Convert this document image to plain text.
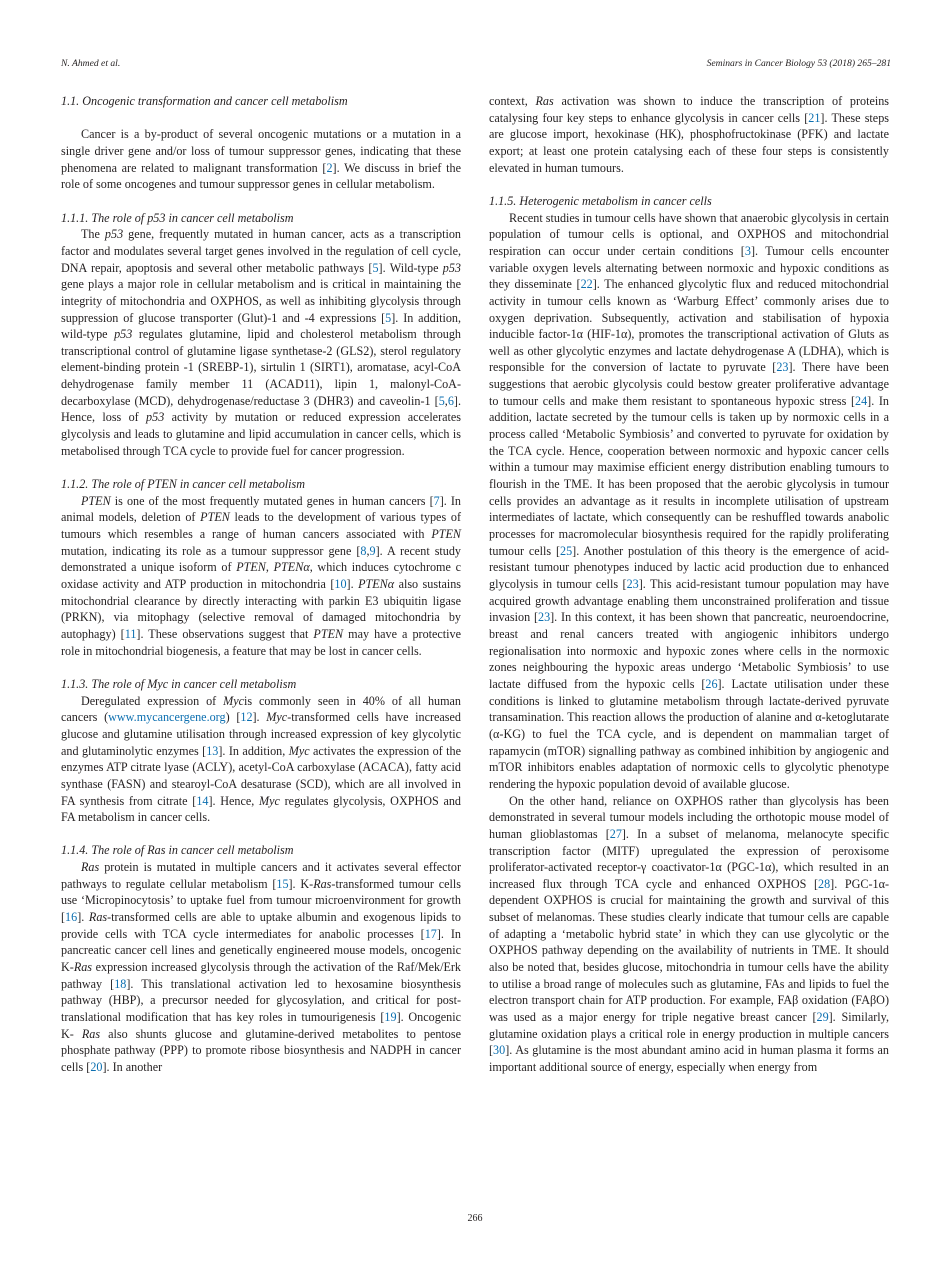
N. Ahmed et al.	Seminars in Cancer Biology 53 (2018) 265–281
1.1. Oncogenic transformation and cancer cell metabolism

Cancer is a by-product of several oncogenic mutations or a mutation in a single driver gene and/or loss of tumour suppressor genes, indicating that these phenomena are related to malignant transformation [2]. We discuss in brief the role of some oncogenes and tumour suppressor genes in cellular metabolism.

1.1.1. The role of p53 in cancer cell metabolism

The p53 gene, frequently mutated in human cancer, acts as a transcription factor and modulates several target genes involved in the regulation of cell cycle, DNA repair, apoptosis and several other metabolic pathways [5]. Wild-type p53 gene plays a major role in cellular metabolism and is critical in maintaining the integrity of mitochondria and OXPHOS, as well as inhibiting glycolysis through suppression of glucose transporter (Glut)-1 and -4 expressions [5]. In addition, wild-type p53 regulates glutamine, lipid and cholesterol metabolism through transcriptional control of glutamine ligase synthetase-2 (GLS2), sterol regulatory element-binding protein -1 (SREBP-1), sirtulin 1 (SIRT1), aromatase, acyl-CoA dehydrogenase family member 11 (ACAD11), lipin 1, malonyl-CoA- decarboxylase (MCD), dehydrogenase/reductase 3 (DHR3) and caveolin-1 [5,6]. Hence, loss of p53 activity by mutation or reduced expression accelerates glycolysis and leads to glutamine and lipid accumulation in cancer cells, which is metabolised through TCA cycle to provide fuel for cancer progression.

1.1.2. The role of PTEN in cancer cell metabolism

PTEN is one of the most frequently mutated genes in human cancers [7]. In animal models, deletion of PTEN leads to the development of various types of tumours which resembles a range of human cancers associated with PTEN mutation, indicating its role as a tumour suppressor gene [8,9]. A recent study demonstrated a unique isoform of PTEN, PTENα, which induces cytochrome c oxidase activity and ATP production in mitochondria [10]. PTENα also sustains mitochondrial clearance by directly interacting with parkin E3 ubiquitin ligase (PRKN), via mitophagy (selective removal of damaged mitochondria by autophagy) [11]. These observations suggest that PTEN may have a protective role in mitochondrial biogenesis, a feature that may be lost in cancer cells.

1.1.3. The role of Myc in cancer cell metabolism

Deregulated expression of Mycis commonly seen in 40% of all human cancers (www.mycancergene.org) [12]. Myc-transformed cells have increased glucose and glutamine utilisation through increased expression of key glycolytic and glutaminolytic enzymes [13]. In addition, Myc activates the expression of the enzymes ATP citrate lyase (ACLY), acetyl-CoA carboxylase (ACACA), fatty acid synthase (FASN) and stearoyl-CoA desaturase (SCD), which are all involved in FA synthesis from citrate [14]. Hence, Myc regulates glycolysis, OXPHOS and FA metabolism in cancer cells.

1.1.4. The role of Ras in cancer cell metabolism

Ras protein is mutated in multiple cancers and it activates several effector pathways to regulate cellular metabolism [15]. K-Ras-transformed tumour cells use ‘Micropinocytosis’ to uptake fuel from tumour microenvironment for growth [16]. Ras-transformed cells are able to uptake albumin and exogenous lipids to provide cells with TCA cycle intermediates for anabolic processes [17]. In pancreatic cancer cell lines and genetically engineered mouse models, oncogenic K-Ras expression increased glycolysis through the activation of the Raf/Mek/Erk pathway [18]. This translational activation led to hexosamine biosynthesis pathway (HBP), a precursor needed for glycosylation, and critical for post-translational modification that has key roles in tumourigenesis [19]. Oncogenic K- Ras also shunts glucose and glutamine-derived metabolites to pentose phosphate pathway (PPP) to promote ribose biosynthesis and NADPH in cancer cells [20]. In another

context, Ras activation was shown to induce the transcription of proteins catalysing four key steps to enhance glycolysis in cancer cells [21]. These steps are glucose import, hexokinase (HK), phosphofructokinase (PFK) and lactate export; at least one protein catalysing each of these four steps is consistently elevated in human tumours.

1.1.5. Heterogenic metabolism in cancer cells

Recent studies in tumour cells have shown that anaerobic glycolysis in certain population of tumour cells is optional, and OXPHOS and mitochondrial respiration can occur under certain conditions [3]. Tumour cells encounter variable oxygen levels alternating between normoxic and hypoxic conditions as they disseminate [22]. The enhanced glycolytic flux and reduced mitochondrial activity in tumour cells known as ‘Warburg Effect’ commonly arises due to oxygen deprivation. Subsequently, activation and stabilisation of hypoxia inducible factor-1α (HIF-1α), promotes the transcriptional activation of Gluts as well as other glycolytic enzymes and lactate dehydrogenase A (LDHA), which is responsible for the conversion of lactate to pyruvate [23]. There have been suggestions that aerobic glycolysis could bestow greater proliferative advantage to tumour cells and make them resistant to spontaneous hypoxic stress [24]. In addition, lactate secreted by the tumour cells is taken up by normoxic cells in a process called ‘Metabolic Symbiosis’ and converted to pyruvate for oxidation by the TCA cycle. Hence, cooperation between normoxic and hypoxic cancer cells within a tumour may maximise efficient energy distribution enabling tumours to flourish in the TME. It has been proposed that the aerobic glycolysis in tumour cells provides an advantage as it results in incomplete utilisation of upstream intermediates of lactate, which consequently can be reshuffled towards anabolic processes for macromolecular biosynthesis required for the rapidly proliferating tumour cells [25]. Another postulation of this theory is the emergence of acid-resistant tumour phenotypes induced by lactic acid production due to enhanced glycolysis in tumour cells [23]. This acid-resistant tumour population may have acquired growth advantage enabling them unconstrained proliferation and tissue invasion [23]. In this context, it has been shown that pancreatic, neuroendocrine, breast and renal cancers treated with angiogenic inhibitors undergo regionalisation into normoxic and hypoxic zones where cells in the normoxic zones neighbouring the hypoxic areas undergo ‘Metabolic Symbiosis’ to use lactate diffused from the hypoxic cells [26]. Lactate utilisation under these conditions is linked to glutamine metabolism through lactate-derived pyruvate transamination. This reaction allows the production of alanine and α-ketoglutarate (α-KG) to fuel the TCA cycle, and is dependent on mammalian target of rapamycin (mTOR) signalling pathway as combined inhibition by angiogenic and mTOR inhibitors enables adaptation of normoxic cells to glycolytic phenotype rendering the hypoxic population devoid of available glucose.

On the other hand, reliance on OXPHOS rather than glycolysis has been demonstrated in several tumour models including the orthotopic mouse model of human glioblastomas [27]. In a subset of melanoma, melanocyte specific transcription factor (MITF) upregulated the expression of peroxisome proliferator-activated receptor-γ coactivator-1α (PGC-1α), which resulted in an increased flux through TCA cycle and enhanced OXPHOS [28]. PGC-1α-dependent OXPHOS is crucial for maintaining the growth and survival of this subset of melanomas. These studies clearly indicate that tumour cells are capable of adapting a ‘metabolic hybrid state’ in which they can use glycolytic or the OXPHOS pathway depending on the availability of nutrients in TME. It should also be noted that, besides glucose, mitochondria in tumour cells have the ability to utilise a broad range of molecules such as glutamine, FAs and lipids to fuel the electron transport chain for ATP production. For example, FAβ oxidation (FAβO) was used as a major energy for triple negative breast cancer [29]. Similarly, glutamine oxidation plays a critical role in energy production in multiple cancers [30]. As glutamine is the most abundant amino acid in human plasma it forms an important additional source of energy, especially when energy from

266
